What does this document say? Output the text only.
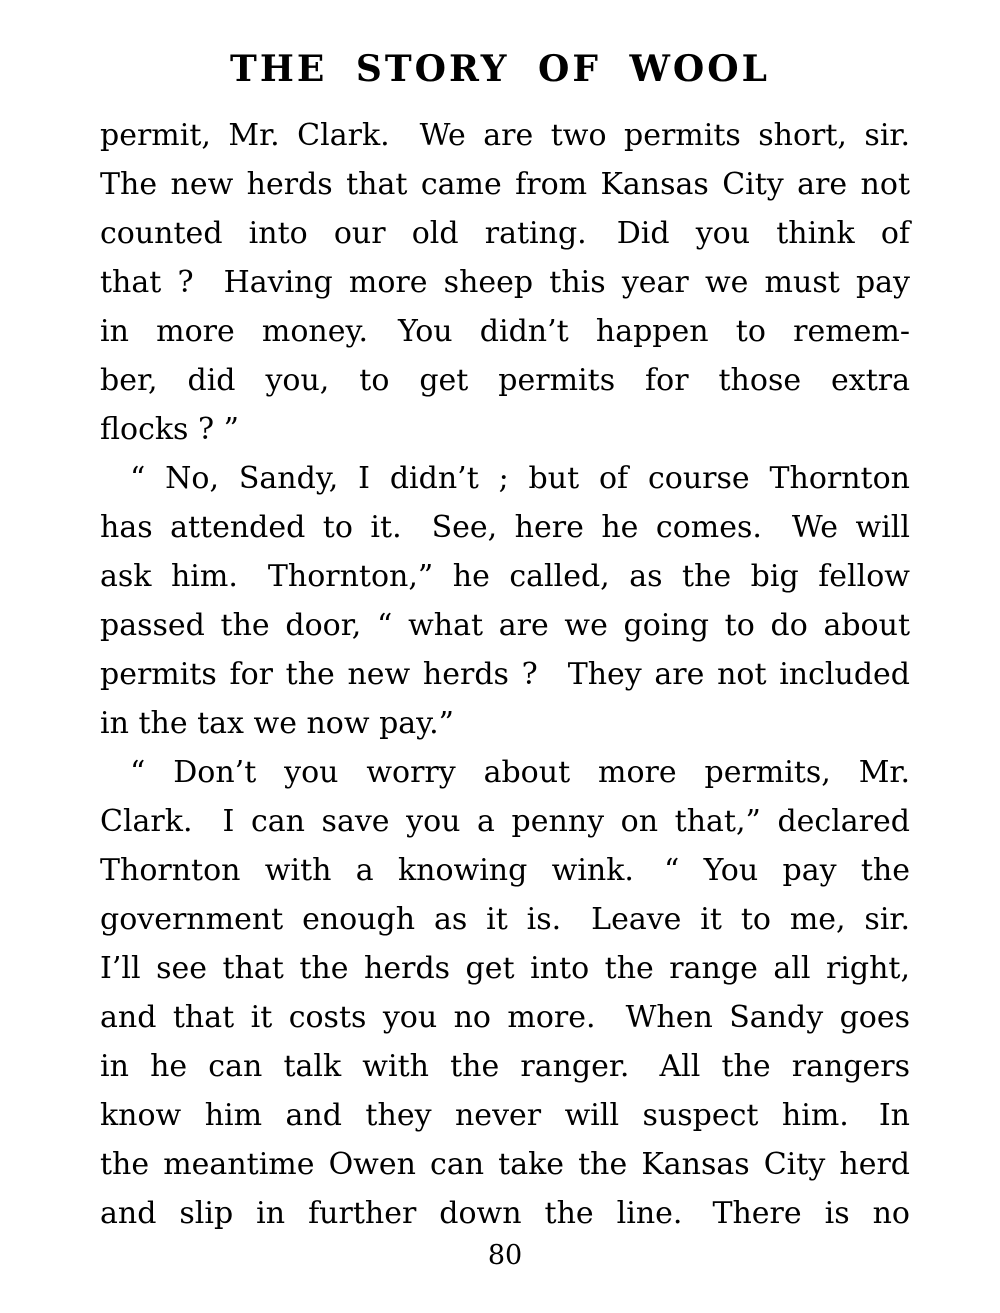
THE STORY OF WOOL
permit, Mr. Clark. We are two permits short, sir.
The new herds that came from Kansas City are not
counted into our old rating. Did you think of
that ? Having more sheep this year we must pay
in more money. You didn’t happen to remem-
ber, did you, to get permits for those extra
flocks ? ”
“ No, Sandy, I didn’t ; but of course Thornton
has attended to it. See, here he comes. We will
ask him. Thornton,” he called, as the big fellow
passed the door, “ what are we going to do about
permits for the new herds ? They are not included
in the tax we now pay.”
“ Don’t you worry about more permits, Mr.
Clark. I can save you a penny on that,” declared
Thornton with a knowing wink. “ You pay the
government enough as it is. Leave it to me, sir.
I’ll see that the herds get into the range all right,
and that it costs you no more. When Sandy goes
in he can talk with the ranger. All the rangers
know him and they never will suspect him. In
the meantime Owen can take the Kansas City herd
and slip in further down the line. There is no
80
